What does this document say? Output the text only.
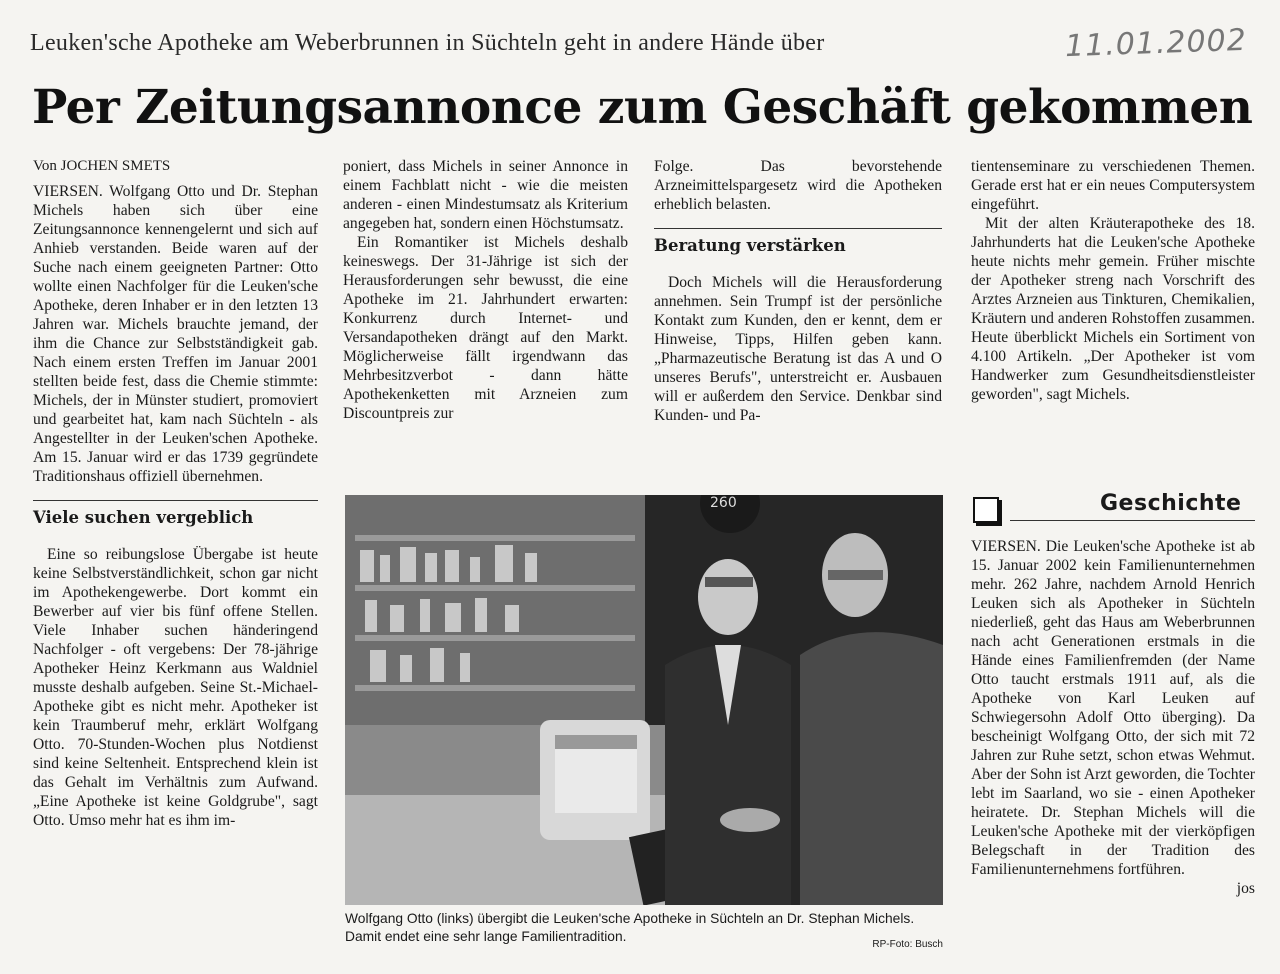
Leuken'sche Apotheke am Weberbrunnen in Süchteln geht in andere Hände über	11.01.2002
Per Zeitungsannonce zum Geschäft gekommen
Von JOCHEN SMETS

VIERSEN. Wolfgang Otto und Dr. Stephan Michels haben sich über eine Zeitungsannonce kennengelernt und sich auf Anhieb verstanden. Beide waren auf der Suche nach einem geeigneten Partner: Otto wollte einen Nachfolger für die Leuken'sche Apotheke, deren Inhaber er in den letzten 13 Jahren war. Michels brauchte jemand, der ihm die Chance zur Selbstständigkeit gab. Nach einem ersten Treffen im Januar 2001 stellten beide fest, dass die Chemie stimmte: Michels, der in Münster studiert, promoviert und gearbeitet hat, kam nach Süchteln - als Angestellter in der Leuken'schen Apotheke. Am 15. Januar wird er das 1739 gegründete Traditionshaus offiziell übernehmen.

Viele suchen vergeblich

Eine so reibungslose Übergabe ist heute keine Selbstverständlichkeit, schon gar nicht im Apothekengewerbe. Dort kommt ein Bewerber auf vier bis fünf offene Stellen. Viele Inhaber suchen händeringend Nachfolger - oft vergebens: Der 78-jährige Apotheker Heinz Kerkmann aus Waldniel musste deshalb aufgeben. Seine St.-Michael-Apotheke gibt es nicht mehr. Apotheker ist kein Traumberuf mehr, erklärt Wolfgang Otto. 70-Stunden-Wochen plus Notdienst sind keine Seltenheit. Entsprechend klein ist das Gehalt im Verhältnis zum Aufwand. „Eine Apotheke ist keine Goldgrube", sagt Otto. Umso mehr hat es ihm im-

poniert, dass Michels in seiner Annonce in einem Fachblatt nicht - wie die meisten anderen - einen Mindestumsatz als Kriterium angegeben hat, sondern einen Höchstumsatz.

Ein Romantiker ist Michels deshalb keineswegs. Der 31-Jährige ist sich der Herausforderungen sehr bewusst, die eine Apotheke im 21. Jahrhundert erwarten: Konkurrenz durch Internet- und Versandapotheken drängt auf den Markt. Möglicherweise fällt irgendwann das Mehrbesitzverbot - dann hätte Apothekenketten mit Arzneien zum Discountpreis zur

Folge. Das bevorstehende Arzneimittelspargesetz wird die Apotheken erheblich belasten.

Beratung verstärken

Doch Michels will die Herausforderung annehmen. Sein Trumpf ist der persönliche Kontakt zum Kunden, den er kennt, dem er Hinweise, Tipps, Hilfen geben kann. „Pharmazeutische Beratung ist das A und O unseres Berufs", unterstreicht er. Ausbauen will er außerdem den Service. Denkbar sind Kunden- und Pa-

tientenseminare zu verschiedenen Themen. Gerade erst hat er ein neues Computersystem eingeführt.

Mit der alten Kräuterapotheke des 18. Jahrhunderts hat die Leuken'sche Apotheke heute nichts mehr gemein. Früher mischte der Apotheker streng nach Vorschrift des Arztes Arzneien aus Tinkturen, Chemikalien, Kräutern und anderen Rohstoffen zusammen. Heute überblickt Michels ein Sortiment von 4.100 Artikeln. „Der Apotheker ist vom Handwerker zum Gesundheitsdienstleister geworden", sagt Michels.

260
Wolfgang Otto (links) übergibt die Leuken'sche Apotheke in Süchteln an Dr. Stephan Michels. Damit endet eine sehr lange Familientradition.
RP-Foto: Busch
Geschichte

VIERSEN. Die Leuken'sche Apotheke ist ab 15. Januar 2002 kein Familienunternehmen mehr. 262 Jahre, nachdem Arnold Henrich Leuken sich als Apotheker in Süchteln niederließ, geht das Haus am Weberbrunnen nach acht Generationen erstmals in die Hände eines Familienfremden (der Name Otto taucht erstmals 1911 auf, als die Apotheke von Karl Leuken auf Schwiegersohn Adolf Otto überging). Da bescheinigt Wolfgang Otto, der sich mit 72 Jahren zur Ruhe setzt, schon etwas Wehmut. Aber der Sohn ist Arzt geworden, die Tochter lebt im Saarland, wo sie - einen Apotheker heiratete. Dr. Stephan Michels will die Leuken'sche Apotheke mit der vierköpfigen Belegschaft in der Tradition des Familienunternehmens fortführen.

jos
